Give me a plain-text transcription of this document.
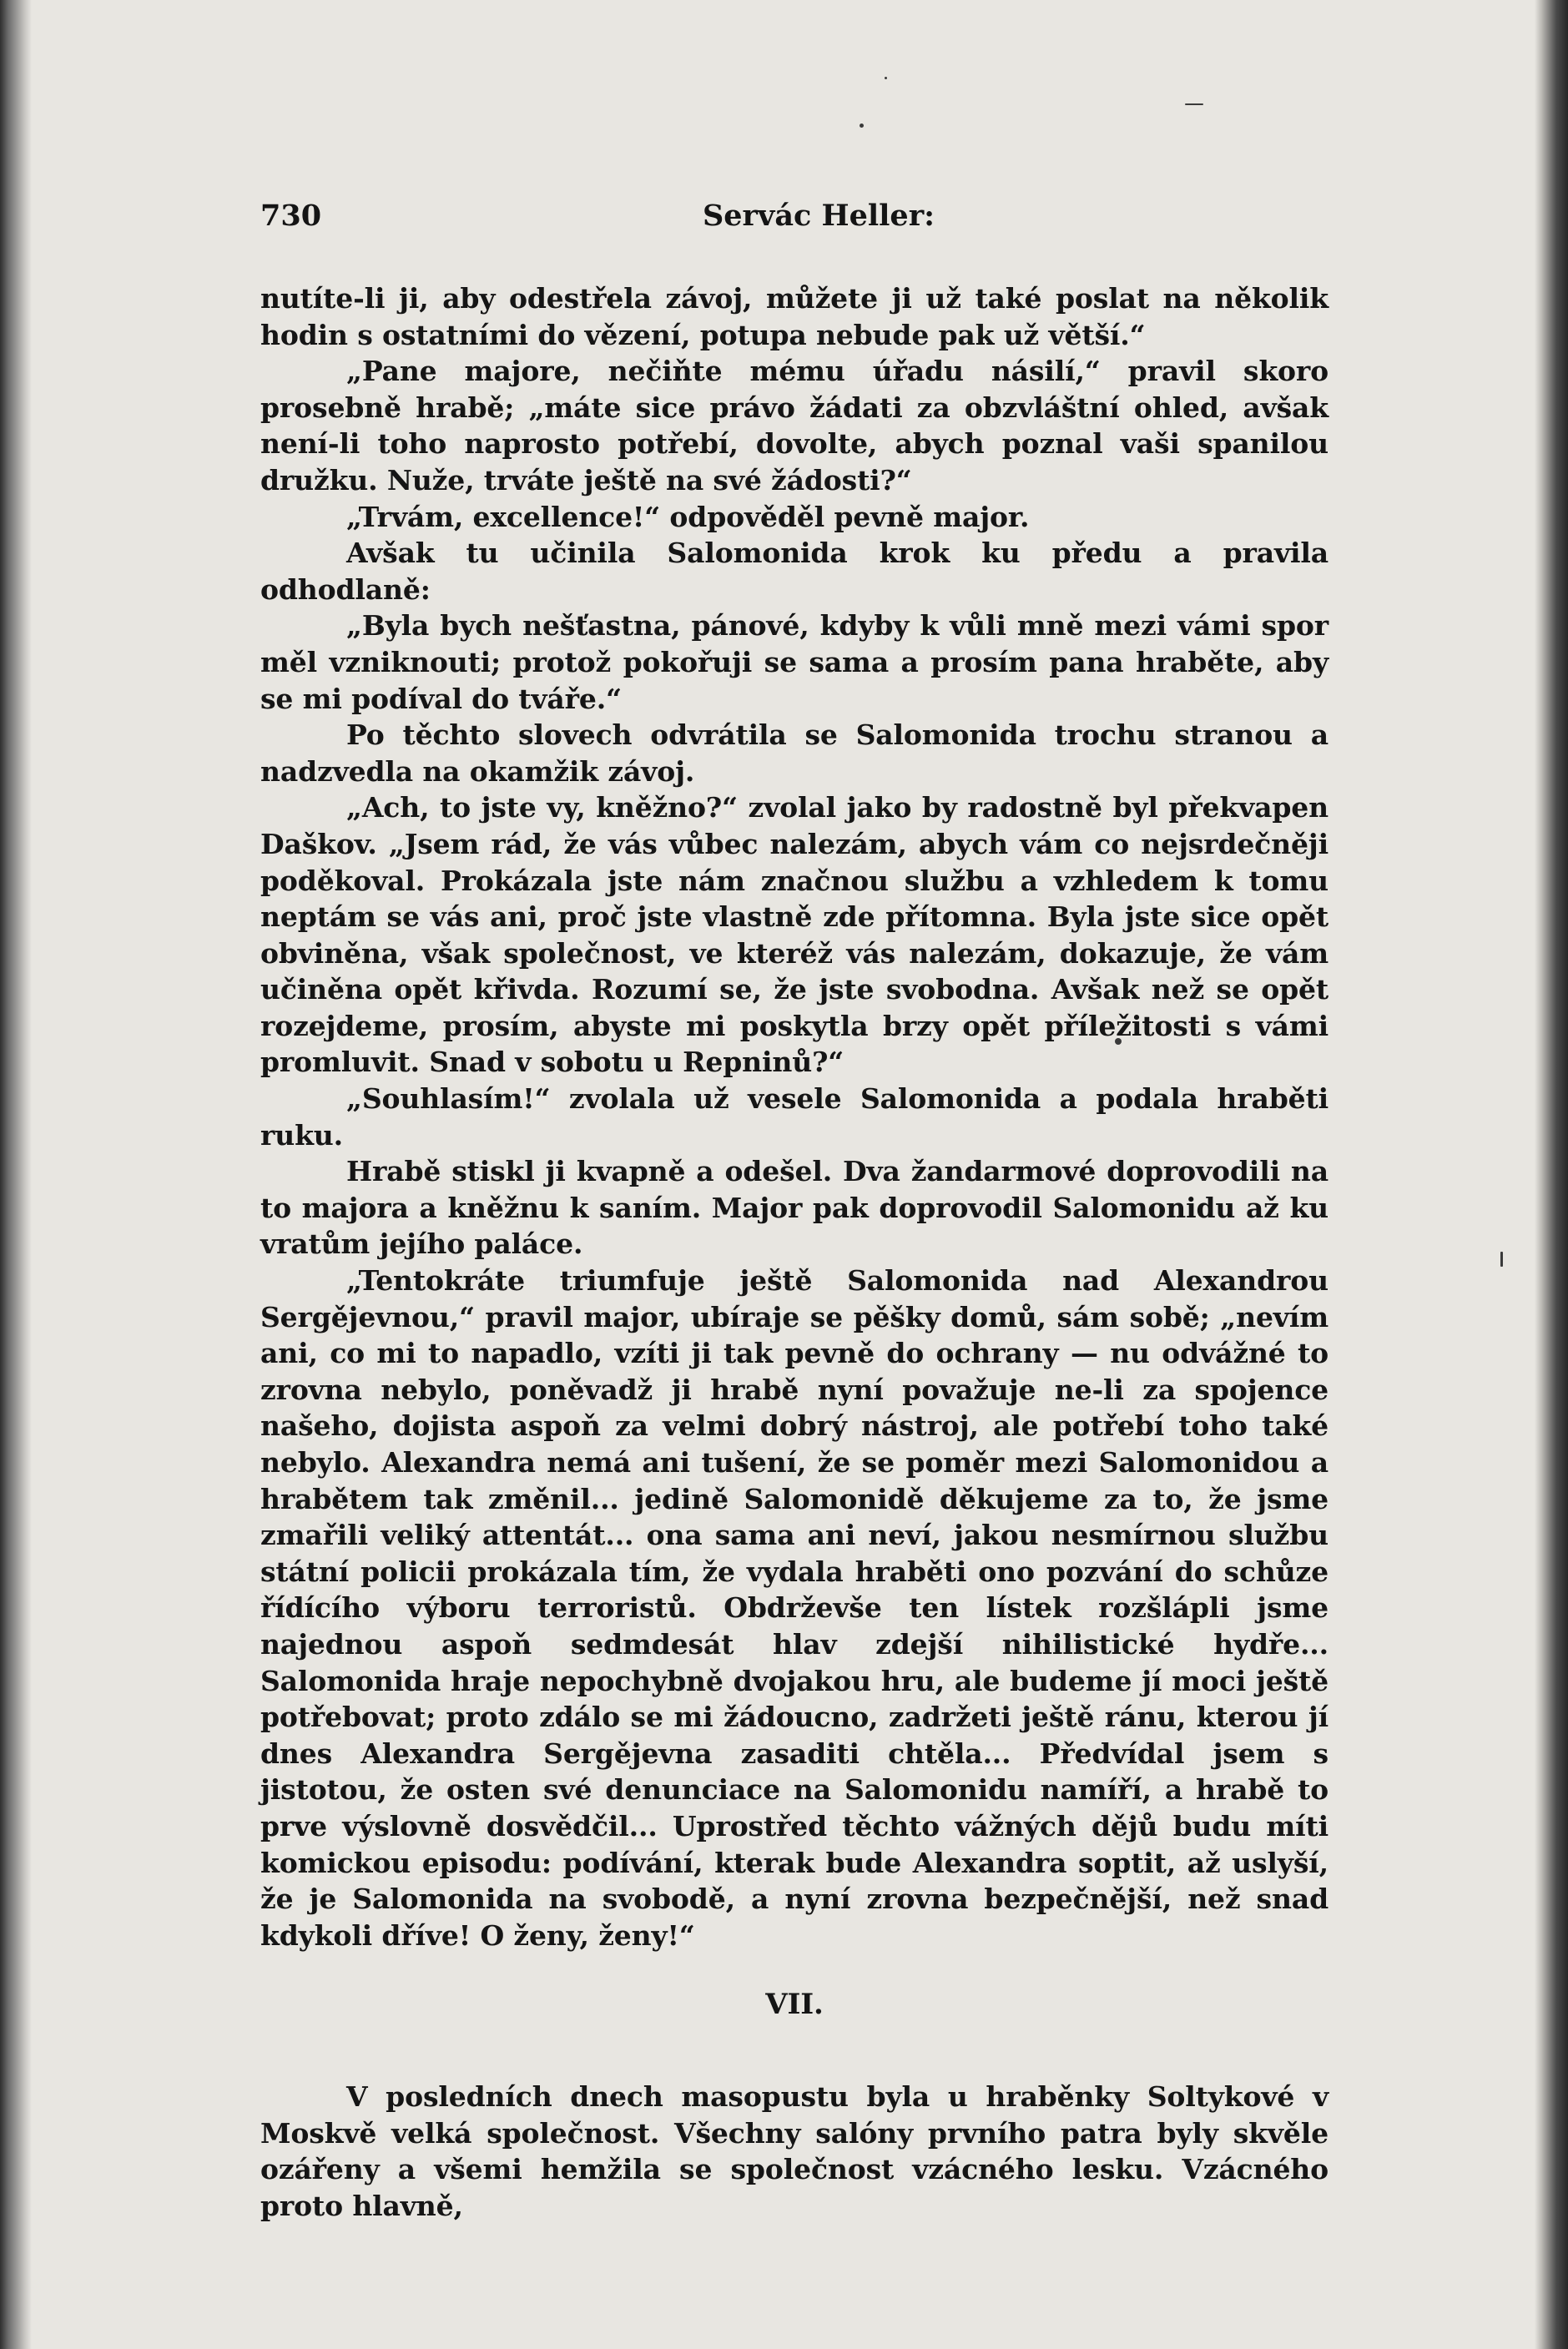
730	Servác Heller:

nutíte-li ji, aby odestřela závoj, můžete ji už také poslat na několik hodin s ostatními do vězení, potupa nebude pak už větší.“

„Pane majore, nečiňte mému úřadu násilí,“ pravil skoro prosebně hrabě; „máte sice právo žádati za obzvláštní ohled, avšak není-li toho naprosto potřebí, dovolte, abych poznal vaši spanilou družku. Nuže, trváte ještě na své žádosti?“

„Trvám, excellence!“ odpověděl pevně major.

Avšak tu učinila Salomonida krok ku předu a pravila odhodlaně:

„Byla bych nešťastna, pánové, kdyby k vůli mně mezi vámi spor měl vzniknouti; protož pokořuji se sama a prosím pana hraběte, aby se mi podíval do tváře.“

Po těchto slovech odvrátila se Salomonida trochu stranou a nadzvedla na okamžik závoj.

„Ach, to jste vy, kněžno?“ zvolal jako by radostně byl překvapen Daškov. „Jsem rád, že vás vůbec nalezám, abych vám co nejsrdečněji poděkoval. Prokázala jste nám značnou službu a vzhledem k tomu neptám se vás ani, proč jste vlastně zde přítomna. Byla jste sice opět obviněna, však společnost, ve kteréž vás nalezám, dokazuje, že vám učiněna opět křivda. Rozumí se, že jste svobodna. Avšak než se opět rozejdeme, prosím, abyste mi poskytla brzy opět příležitosti s vámi promluvit. Snad v sobotu u Repninů?“

„Souhlasím!“ zvolala už vesele Salomonida a podala hraběti ruku.

Hrabě stiskl ji kvapně a odešel. Dva žandarmové doprovodili na to majora a kněžnu k saním. Major pak doprovodil Salomonidu až ku vratům jejího paláce.

„Tentokráte triumfuje ještě Salomonida nad Alexandrou Sergějevnou,“ pravil major, ubíraje se pěšky domů, sám sobě; „nevím ani, co mi to napadlo, vzíti ji tak pevně do ochrany — nu odvážné to zrovna nebylo, poněvadž ji hrabě nyní považuje ne-li za spojence našeho, dojista aspoň za velmi dobrý nástroj, ale potřebí toho také nebylo. Alexandra nemá ani tušení, že se poměr mezi Salomonidou a hrabětem tak změnil... jedině Salomonidě děkujeme za to, že jsme zmařili veliký attentát... ona sama ani neví, jakou nesmírnou službu státní policii prokázala tím, že vydala hraběti ono pozvání do schůze řídícího výboru terroristů. Obdrževše ten lístek rozšlápli jsme najednou aspoň sedmdesát hlav zdejší nihilistické hydře... Salomonida hraje nepochybně dvojakou hru, ale budeme jí moci ještě potřebovat; proto zdálo se mi žádoucno, zadržeti ještě ránu, kterou jí dnes Alexandra Sergějevna zasaditi chtěla... Předvídal jsem s jistotou, že osten své denunciace na Salomonidu namíří, a hrabě to prve výslovně dosvědčil... Uprostřed těchto vážných dějů budu míti komickou episodu: podívání, kterak bude Alexandra soptit, až uslyší, že je Salomonida na svobodě, a nyní zrovna bezpečnější, než snad kdykoli dříve! O ženy, ženy!“

VII.

V posledních dnech masopustu byla u hraběnky Soltykové v Moskvě velká společnost. Všechny salóny prvního patra byly skvěle ozářeny a všemi hemžila se společnost vzácného lesku. Vzácného proto hlavně,
